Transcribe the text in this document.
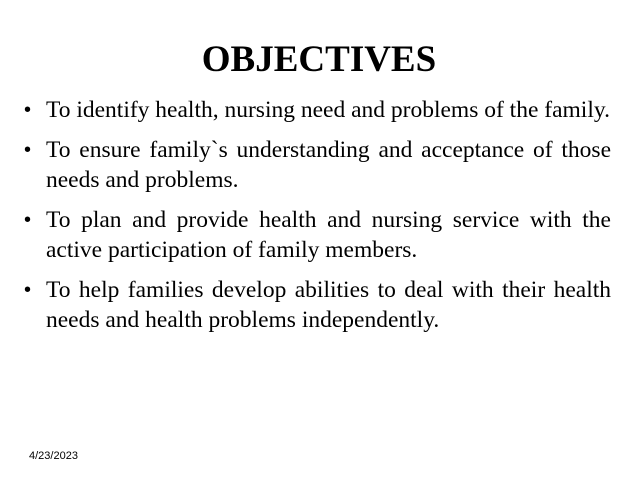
OBJECTIVES
• To identify health, nursing need and problems of the family.
• To ensure family`s understanding and acceptance of those needs and problems.
• To plan and provide health and nursing service with the active participation of family members.
• To help families develop abilities to deal with their health needs and health problems independently.
4/23/2023
